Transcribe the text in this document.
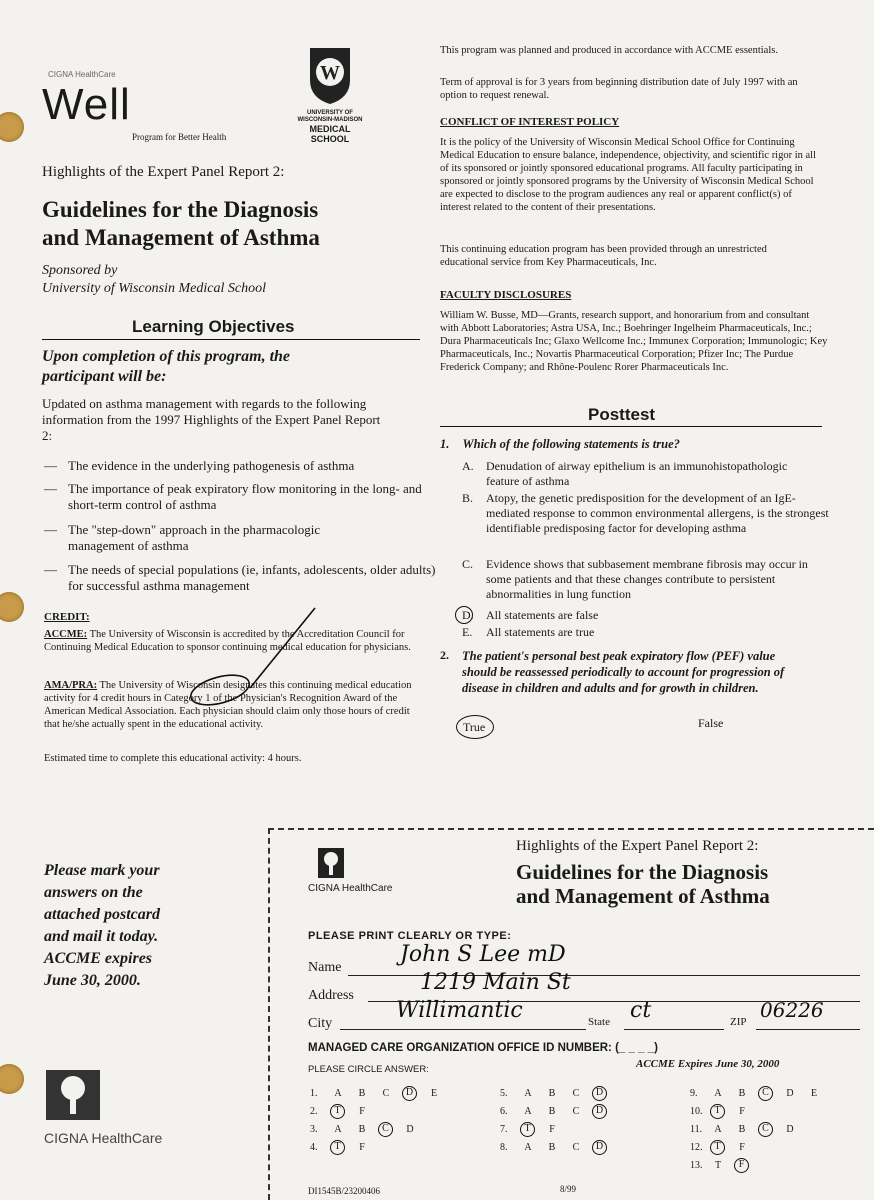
CIGNA HealthCare
Well
Program for Better Health
W
UNIVERSITY OF
WISCONSIN-MADISON
MEDICAL SCHOOL
Highlights of the Expert Panel Report 2:
Guidelines for the Diagnosis
and Management of Asthma
Sponsored by
University of Wisconsin Medical School
Learning Objectives
Upon completion of this program, the
participant will be:
Updated on asthma management with regards to the following information from the 1997 Highlights of the Expert Panel Report 2:
— The evidence in the underlying pathogenesis of asthma
— The importance of peak expiratory flow monitoring in the long- and short-term control of asthma
— The "step-down" approach in the pharmacologic management of asthma
— The needs of special populations (ie, infants, adolescents, older adults) for successful asthma management
CREDIT:
ACCME: The University of Wisconsin is accredited by the Accreditation Council for Continuing Medical Education to sponsor continuing medical education for physicians.
AMA/PRA: The University of Wisconsin designates this continuing medical education activity for 4 credit hours in Category 1 of the Physician's Recognition Award of the American Medical Association. Each physician should claim only those hours of credit that he/she actually spent in the educational activity.
Estimated time to complete this educational activity: 4 hours.
This program was planned and produced in accordance with ACCME essentials.
Term of approval is for 3 years from beginning distribution date of July 1997 with an option to request renewal.
CONFLICT OF INTEREST POLICY
It is the policy of the University of Wisconsin Medical School Office for Continuing Medical Education to ensure balance, independence, objectivity, and scientific rigor in all of its sponsored or jointly sponsored educational programs. All faculty participating in sponsored or jointly sponsored programs by the University of Wisconsin Medical School are expected to disclose to the program audiences any real or apparent conflict(s) of interest related to the content of their presentations.
This continuing education program has been provided through an unrestricted educational service from Key Pharmaceuticals, Inc.
FACULTY DISCLOSURES
William W. Busse, MD—Grants, research support, and honorarium from and consultant with Abbott Laboratories; Astra USA, Inc.; Boehringer Ingelheim Pharmaceuticals, Inc.; Dura Pharmaceuticals Inc; Glaxo Wellcome Inc.; Immunex Corporation; Immunologic; Key Pharmaceuticals, Inc.; Novartis Pharmaceutical Corporation; Pfizer Inc; The Purdue Frederick Company; and Rhône-Poulenc Rorer Pharmaceuticals Inc.
Posttest
1. Which of the following statements is true?
A.	Denudation of airway epithelium is an immunohistopathologic feature of asthma
B.	Atopy, the genetic predisposition for the development of an IgE-mediated response to common environmental allergens, is the strongest identifiable predisposing factor for developing asthma
C.	Evidence shows that subbasement membrane fibrosis may occur in some patients and that these changes contribute to persistent abnormalities in lung function
D.	All statements are false
E.	All statements are true
2. The patient's personal best peak expiratory flow (PEF) value should be reassessed periodically to account for progression of disease in children and adults and for growth in children.
True	False
Please mark your
answers on the
attached postcard
and mail it today.
ACCME expires
June 30, 2000.
CIGNA HealthCare
CIGNA HealthCare
Highlights of the Expert Panel Report 2:
Guidelines for the Diagnosis
and Management of Asthma
PLEASE PRINT CLEARLY OR TYPE:
Name
John S Lee mD
Address
1219 Main St
City
Willimantic	State ct	ZIP 06226
MANAGED CARE ORGANIZATION OFFICE ID NUMBER: (_ _ _ _)
PLEASE CIRCLE ANSWER:	ACCME Expires June 30, 2000
1.	A B C	D	E
2.	T	F
3.	A B	C	D
4.	T	F
5.	A B C	D
6.	A B C	D
7.	T	F
8.	A B C	D
9.	A B	C	D E
10.	T	F
11.	A B	C	D
12.	T	F
13.	T	F
DI1545B/23200406	8/99
